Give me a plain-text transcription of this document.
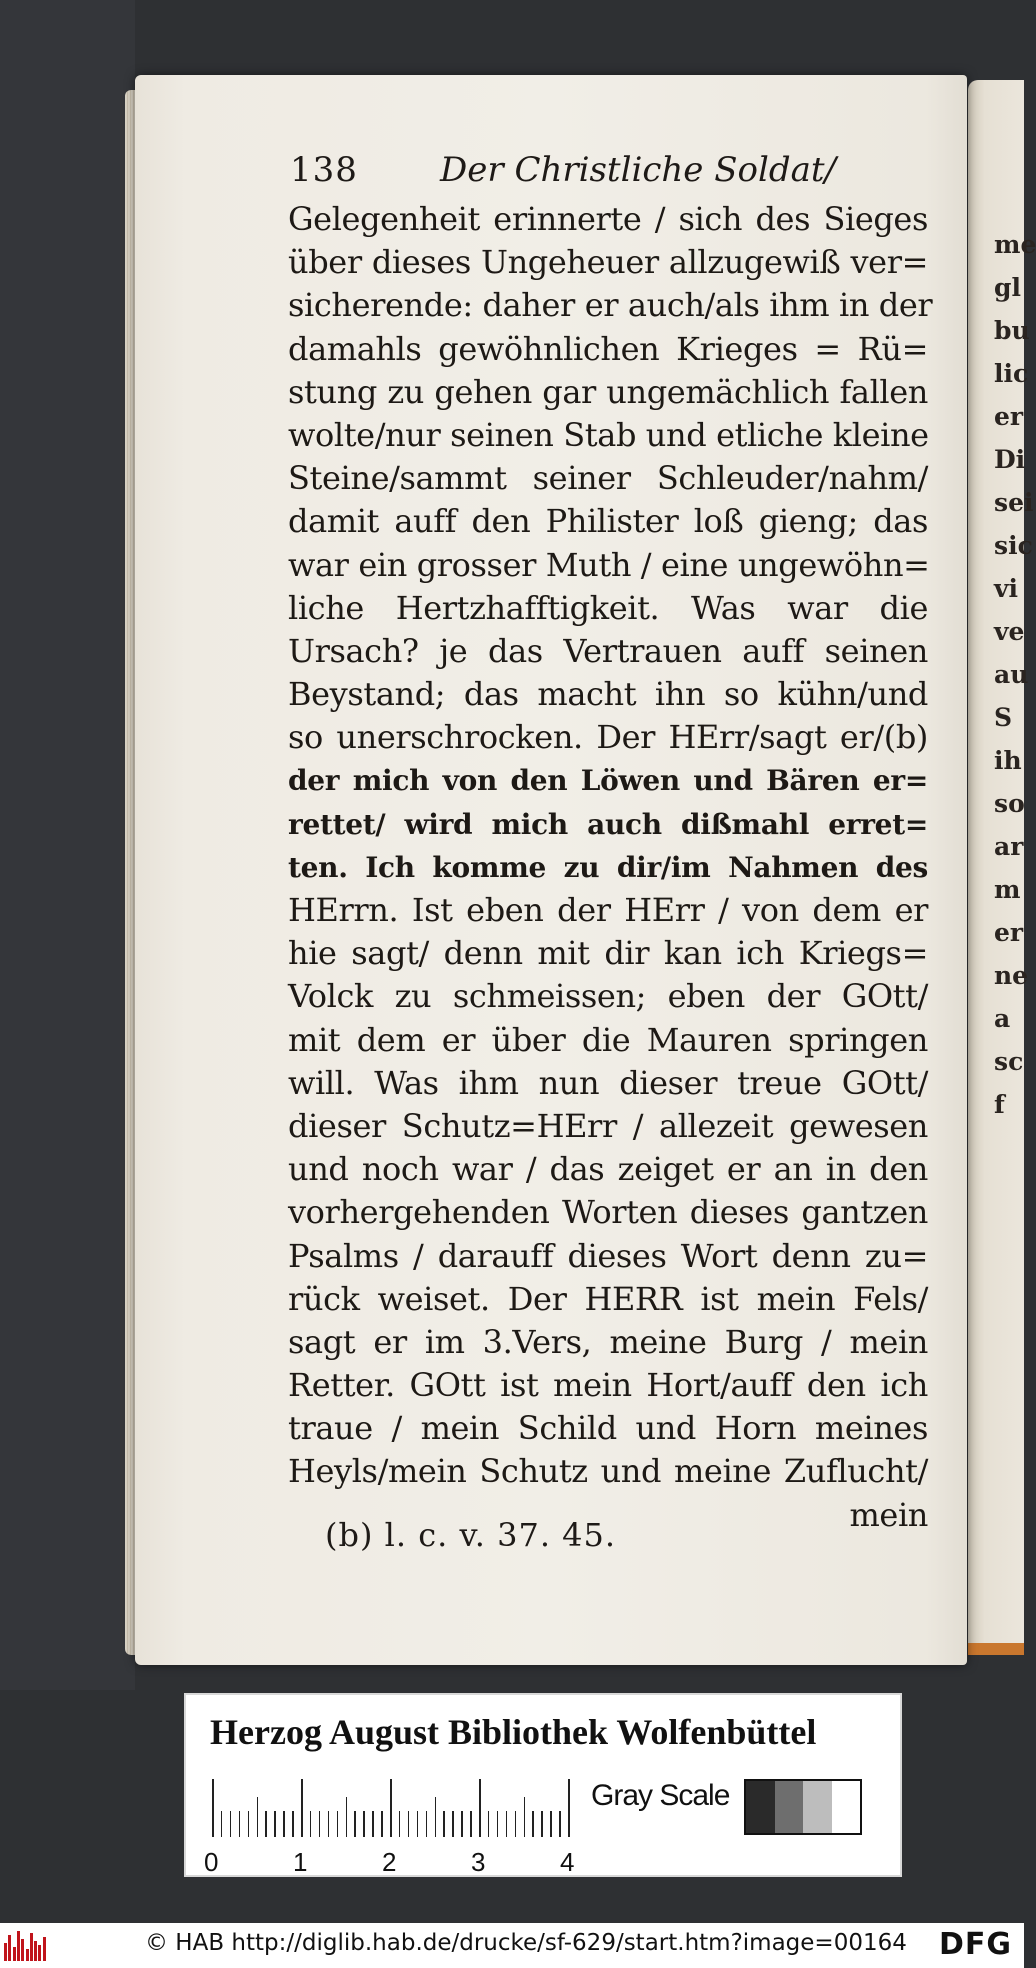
me
gl
bu
lic
er
Di
sei
sic
vi
ve
au
S
ih
so
ar
m
er
ne
a
sc
f
138 Der Christliche Soldat/
Gelegenheit erinnerte / sich des Sieges
über dieses Ungeheuer allzugewiß ver=
sicherende: daher er auch/als ihm in der
damahls gewöhnlichen Krieges = Rü=
stung zu gehen gar ungemächlich fallen
wolte/nur seinen Stab und etliche kleine
Steine/sammt seiner Schleuder/nahm/
damit auff den Philister loß gieng; das
war ein grosser Muth / eine ungewöhn=
liche Hertzhafftigkeit. Was war die
Ursach? je das Vertrauen auff seinen
Beystand; das macht ihn so kühn/und
so unerschrocken. Der HErr/sagt er/(b)
der mich von den Löwen und Bären er=
rettet/ wird mich auch dißmahl erret=
ten. Ich komme zu dir/im Nahmen des
HErrn. Ist eben der HErr / von dem er
hie sagt/ denn mit dir kan ich Kriegs=
Volck zu schmeissen; eben der GOtt/
mit dem er über die Mauren springen
will. Was ihm nun dieser treue GOtt/
dieser Schutz=HErr / allezeit gewesen
und noch war / das zeiget er an in den
vorhergehenden Worten dieses gantzen
Psalms / darauff dieses Wort denn zu=
rück weiset. Der HERR ist mein Fels/
sagt er im 3.Vers, meine Burg / mein
Retter. GOtt ist mein Hort/auff den ich
traue / mein Schild und Horn meines
Heyls/mein Schutz und meine Zuflucht/
mein
(b) l. c. v. 37. 45.
Herzog August Bibliothek Wolfenbüttel
0	1	2	3	4
Gray Scale
© HAB http://diglib.hab.de/drucke/sf-629/start.htm?image=00164 DFG
